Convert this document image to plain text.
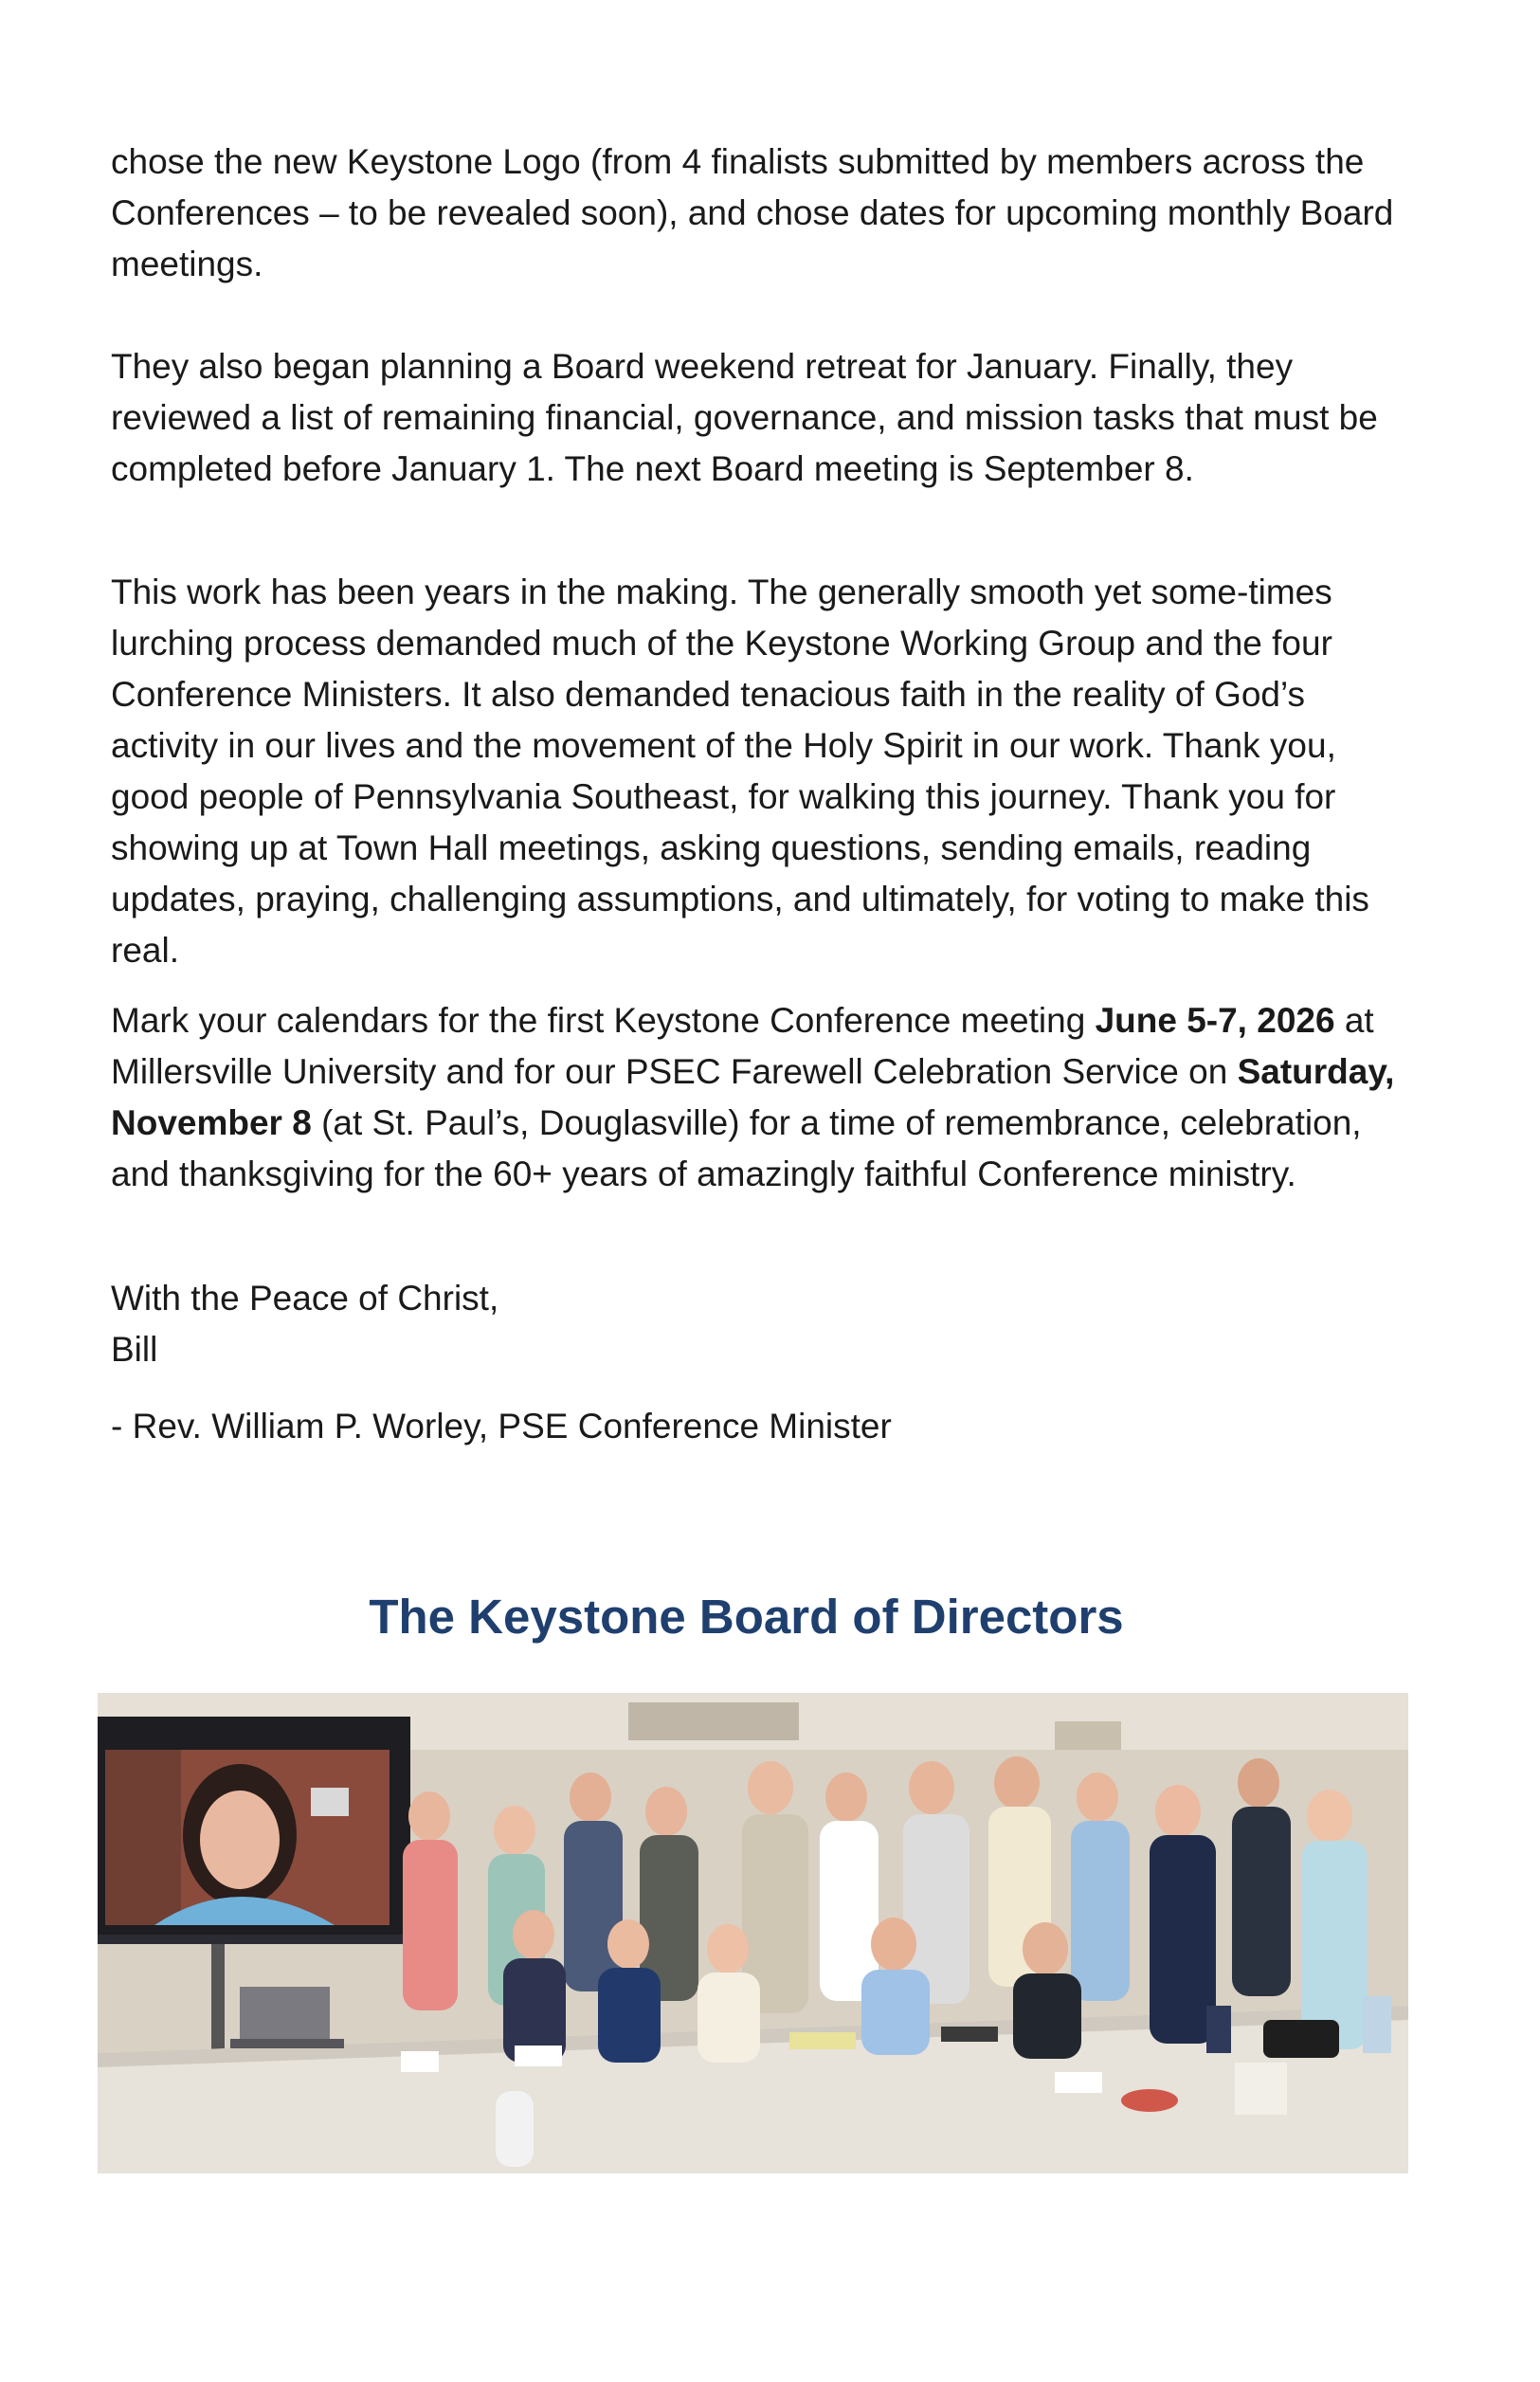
chose the new Keystone Logo (from 4 finalists submitted by members across the Conferences – to be revealed soon), and chose dates for upcoming monthly Board meetings.

They also began planning a Board weekend retreat for January. Finally, they reviewed a list of remaining financial, governance, and mission tasks that must be completed before January 1. The next Board meeting is September 8.

This work has been years in the making. The generally smooth yet some-times lurching process demanded much of the Keystone Working Group and the four Conference Ministers. It also demanded tenacious faith in the reality of God’s activity in our lives and the movement of the Holy Spirit in our work. Thank you, good people of Pennsylvania Southeast, for walking this journey. Thank you for showing up at Town Hall meetings, asking questions, sending emails, reading updates, praying, challenging assumptions, and ultimately, for voting to make this real.

Mark your calendars for the first Keystone Conference meeting June 5-7, 2026 at Millersville University and for our PSEC Farewell Celebration Service on Saturday, November 8 (at St. Paul’s, Douglasville) for a time of remembrance, celebration, and thanksgiving for the 60+ years of amazingly faithful Conference ministry.

With the Peace of Christ,
Bill

- Rev. William P. Worley, PSE Conference Minister

The Keystone Board of Directors
